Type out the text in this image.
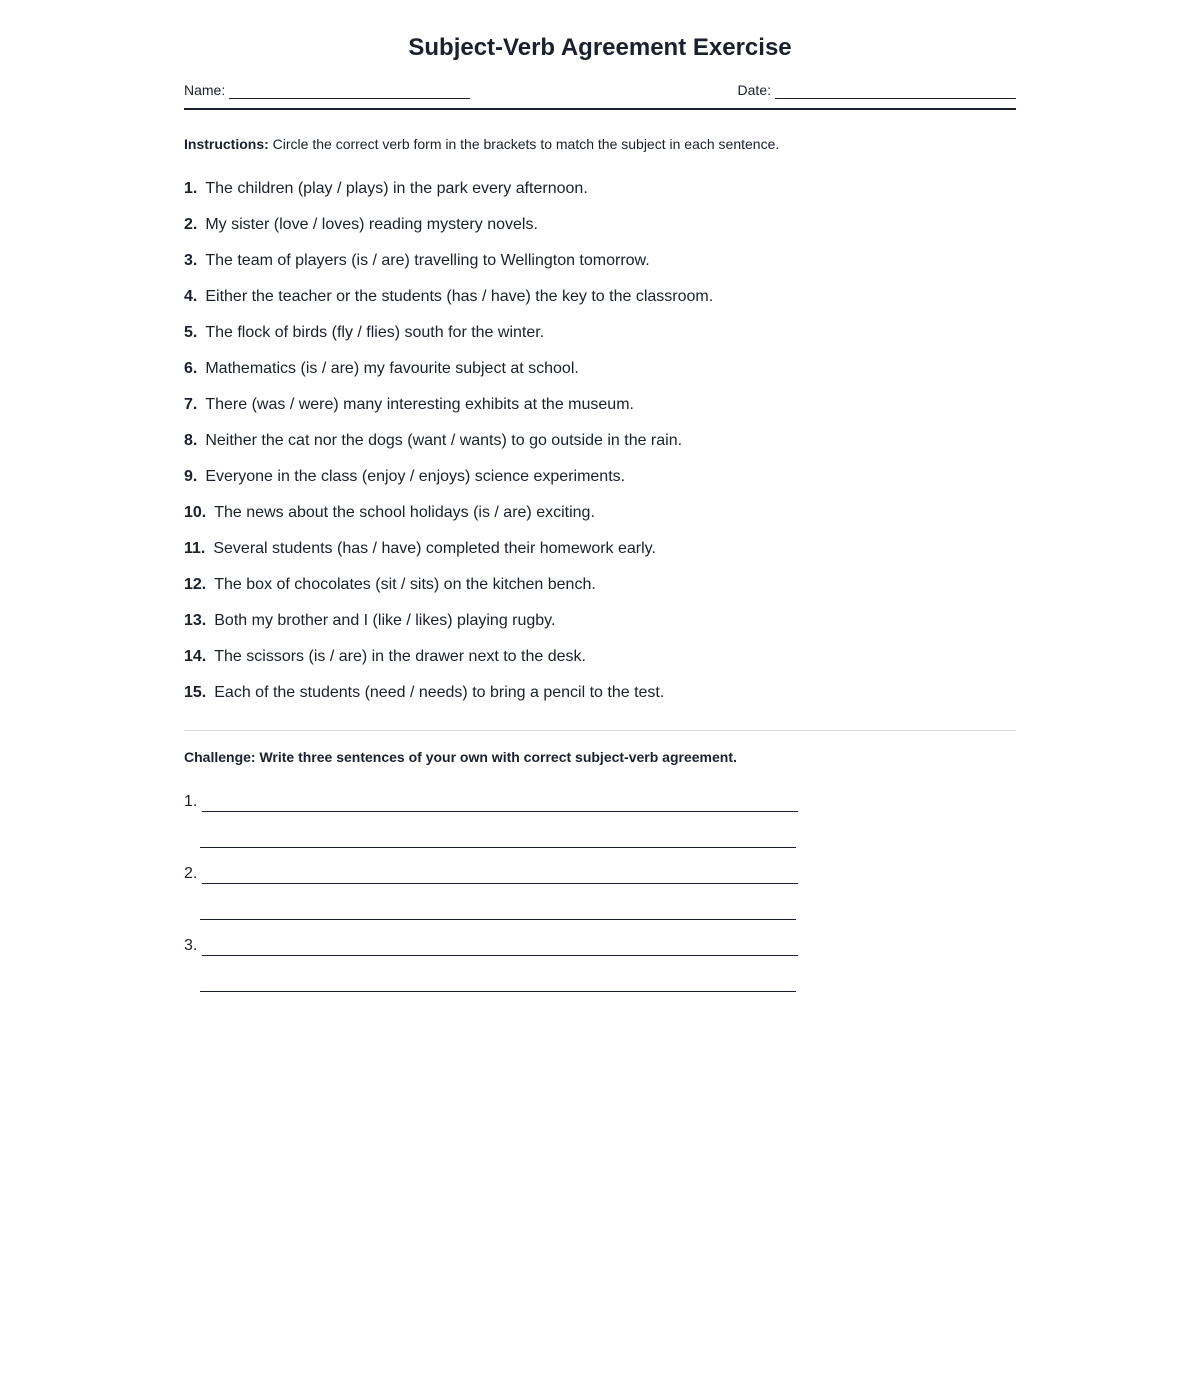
Subject-Verb Agreement Exercise
Name:	Date:
Instructions: Circle the correct verb form in the brackets to match the subject in each sentence.
1. The children (play / plays) in the park every afternoon.
2. My sister (love / loves) reading mystery novels.
3. The team of players (is / are) travelling to Wellington tomorrow.
4. Either the teacher or the students (has / have) the key to the classroom.
5. The flock of birds (fly / flies) south for the winter.
6. Mathematics (is / are) my favourite subject at school.
7. There (was / were) many interesting exhibits at the museum.
8. Neither the cat nor the dogs (want / wants) to go outside in the rain.
9. Everyone in the class (enjoy / enjoys) science experiments.
10. The news about the school holidays (is / are) exciting.
11. Several students (has / have) completed their homework early.
12. The box of chocolates (sit / sits) on the kitchen bench.
13. Both my brother and I (like / likes) playing rugby.
14. The scissors (is / are) in the drawer next to the desk.
15. Each of the students (need / needs) to bring a pencil to the test.
Challenge: Write three sentences of your own with correct subject-verb agreement.
1.
2.
3.
